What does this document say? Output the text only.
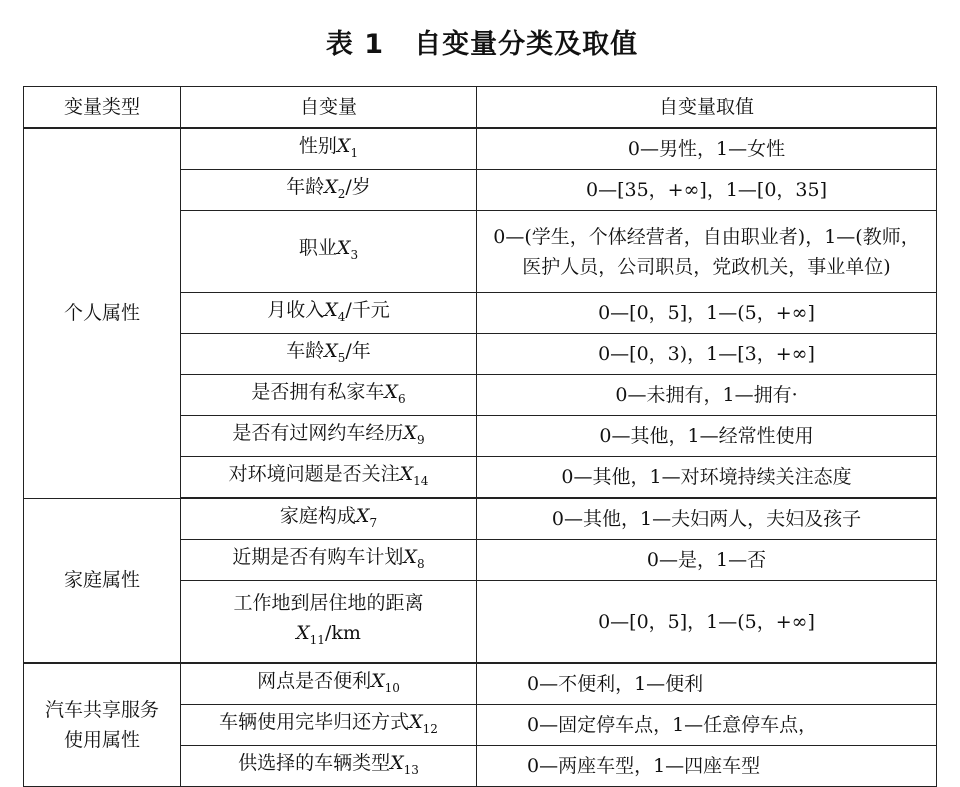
表 1 自变量分类及取值
变量类型	自变量	自变量取值
个人属性	性别$X_1$	0—男性，1—女性
	年龄$X_2/$岁	0—[35，+∞]，1—[0，35]
	职业$X_3$	0—(学生，个体经营者，自由职业者)，1—(教师，
医护人员，公司职员，党政机关，事业单位)

	月收入$X_4/$千元	0—[0，5]，1—(5，+∞]
	车龄$X_5/$年	0—[0，3)，1—[3，+∞]
	是否拥有私家车$X_6$	0—未拥有，1—拥有·
	是否有过网约车经历$X_9$	0—其他，1—经常性使用
	对环境问题是否关注$X_{14}$	0—其他，1—对环境持续关注态度
家庭属性	家庭构成$X_7$	0—其他，1—夫妇两人，夫妇及孩子
	近期是否有购车计划$X_8$	0—是，1—否

	工作地到居住地的距离
$X_{11}/km$	0—[0，5]，1—(5，+∞]

汽车共享服务
使用属性	网点是否便利$X_{10}$	0—不便利，1—便利
	车辆使用完毕归还方式$X_{12}$	0—固定停车点，1—任意停车点，
	供选择的车辆类型$X_{13}$	0—两座车型，1—四座车型
